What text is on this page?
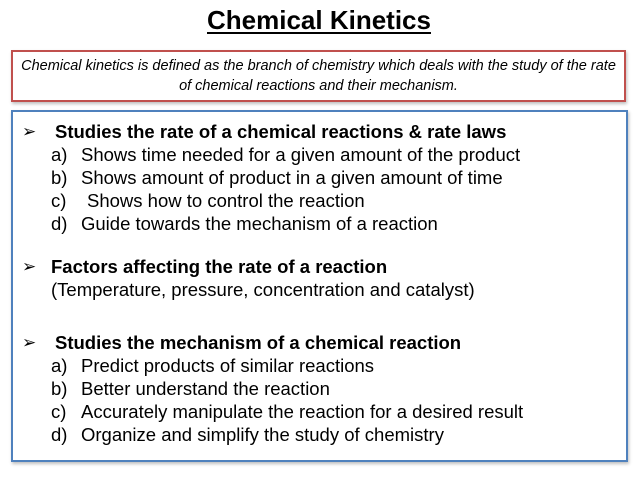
Chemical Kinetics
Chemical kinetics is defined as the branch of chemistry which deals with the study of the rate of chemical reactions and their mechanism.
➢ Studies the rate of a chemical reactions & rate laws
a) Shows time needed for a given amount of the product
b) Shows amount of product in a given amount of time
c) Shows how to control the reaction
d) Guide towards the mechanism of a reaction
➢ Factors affecting the rate of a reaction
(Temperature, pressure, concentration and catalyst)
➢ Studies the mechanism of a chemical reaction
a) Predict products of similar reactions
b) Better understand the reaction
c) Accurately manipulate the reaction for a desired result
d) Organize and simplify the study of chemistry
